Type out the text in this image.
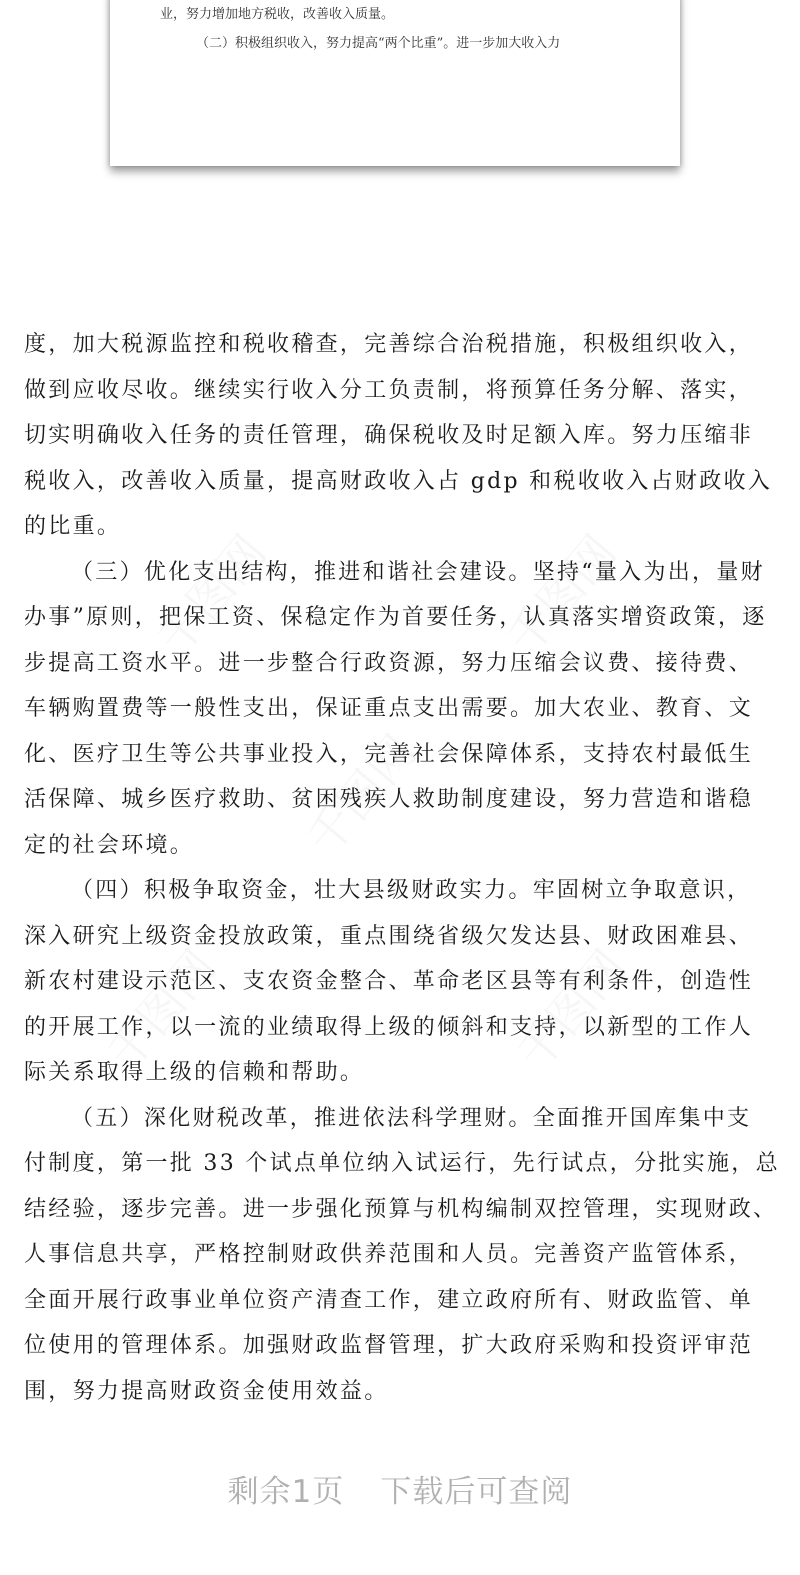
业，努力增加地方税收，改善收入质量。
（二）积极组织收入，努力提高“两个比重”。进一步加大收入力
度，加大税源监控和税收稽查，完善综合治税措施，积极组织收入，
做到应收尽收。继续实行收入分工负责制，将预算任务分解、落实，
切实明确收入任务的责任管理，确保税收及时足额入库。努力压缩非
税收入，改善收入质量，提高财政收入占 gdp 和税收收入占财政收入
的比重。
（三）优化支出结构，推进和谐社会建设。坚持“量入为出，量财
办事”原则，把保工资、保稳定作为首要任务，认真落实增资政策，逐
步提高工资水平。进一步整合行政资源，努力压缩会议费、接待费、
车辆购置费等一般性支出，保证重点支出需要。加大农业、教育、文
化、医疗卫生等公共事业投入，完善社会保障体系，支持农村最低生
活保障、城乡医疗救助、贫困残疾人救助制度建设，努力营造和谐稳
定的社会环境。
（四）积极争取资金，壮大县级财政实力。牢固树立争取意识，
深入研究上级资金投放政策，重点围绕省级欠发达县、财政困难县、
新农村建设示范区、支农资金整合、革命老区县等有利条件，创造性
的开展工作，以一流的业绩取得上级的倾斜和支持，以新型的工作人
际关系取得上级的信赖和帮助。
（五）深化财税改革，推进依法科学理财。全面推开国库集中支
付制度，第一批 33 个试点单位纳入试运行，先行试点，分批实施，总
结经验，逐步完善。进一步强化预算与机构编制双控管理，实现财政、
人事信息共享，严格控制财政供养范围和人员。完善资产监管体系，
全面开展行政事业单位资产清查工作，建立政府所有、财政监管、单
位使用的管理体系。加强财政监督管理，扩大政府采购和投资评审范
围，努力提高财政资金使用效益。
剩余1页 下载后可查阅
